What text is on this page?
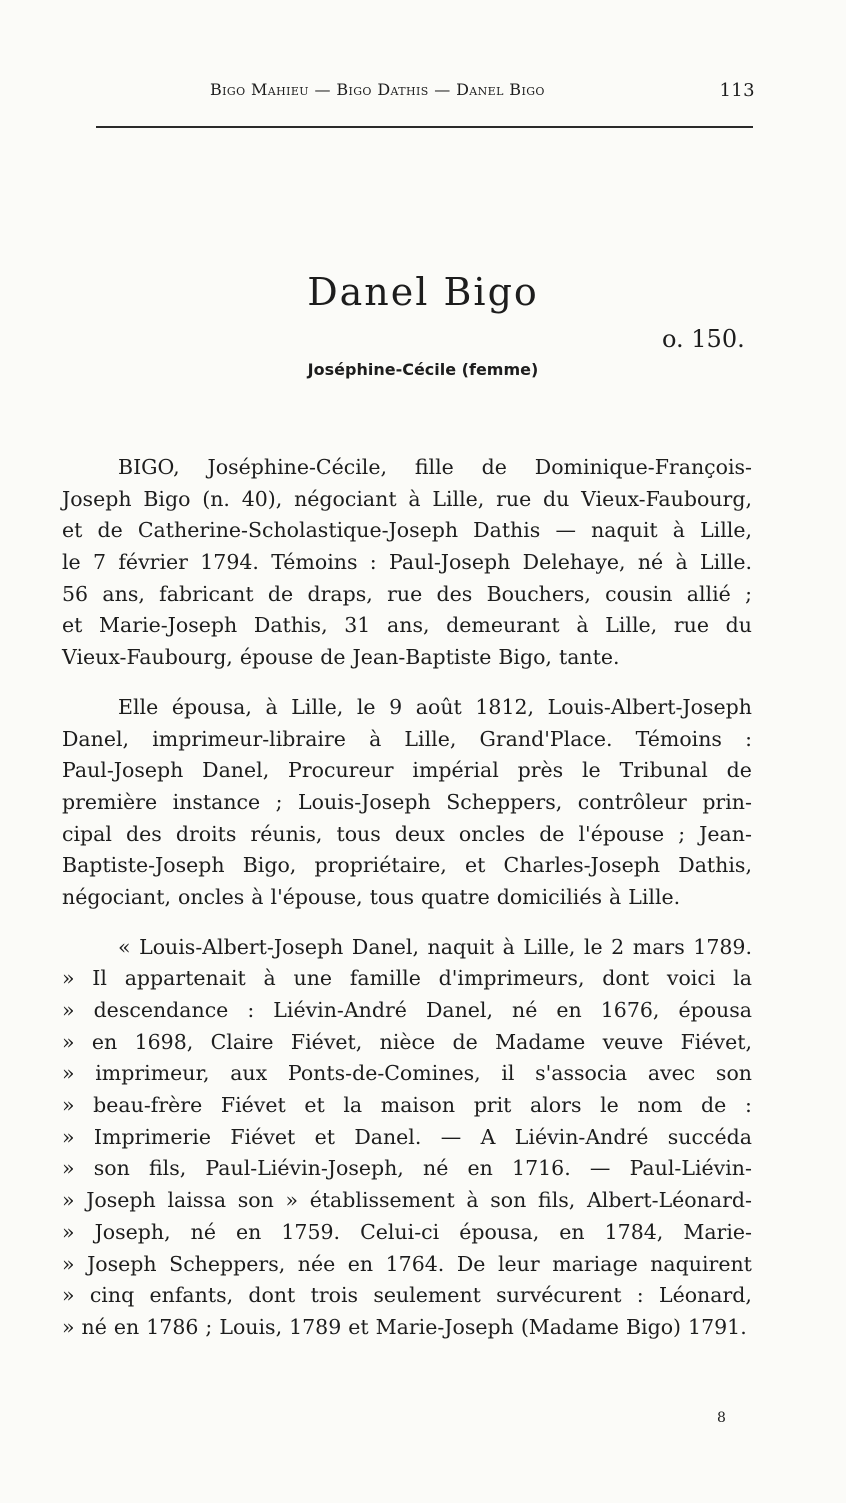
Bigo Mahieu — Bigo Dathis — Danel Bigo	113
Danel Bigo
o. 150.
Joséphine-Cécile (femme)
BIGO, Joséphine-Cécile, fille de Dominique-François-
Joseph Bigo (n. 40), négociant à Lille, rue du Vieux-Faubourg,
et de Catherine-Scholastique-Joseph Dathis — naquit à Lille,
le 7 février 1794. Témoins : Paul-Joseph Delehaye, né à Lille.
56 ans, fabricant de draps, rue des Bouchers, cousin allié ;
et Marie-Joseph Dathis, 31 ans, demeurant à Lille, rue du
Vieux-Faubourg, épouse de Jean-Baptiste Bigo, tante.
Elle épousa, à Lille, le 9 août 1812, Louis-Albert-Joseph
Danel, imprimeur-libraire à Lille, Grand'Place. Témoins :
Paul-Joseph Danel, Procureur impérial près le Tribunal de
première instance ; Louis-Joseph Scheppers, contrôleur prin-
cipal des droits réunis, tous deux oncles de l'épouse ; Jean-
Baptiste-Joseph Bigo, propriétaire, et Charles-Joseph Dathis,
négociant, oncles à l'épouse, tous quatre domiciliés à Lille.
« Louis-Albert-Joseph Danel, naquit à Lille, le 2 mars 1789.
» Il appartenait à une famille d'imprimeurs, dont voici la
» descendance : Liévin-André Danel, né en 1676, épousa
» en 1698, Claire Fiévet, nièce de Madame veuve Fiévet,
» imprimeur, aux Ponts-de-Comines, il s'associa avec son
» beau-frère Fiévet et la maison prit alors le nom de :
» Imprimerie Fiévet et Danel. — A Liévin-André succéda
» son fils, Paul-Liévin-Joseph, né en 1716. — Paul-Liévin-
» Joseph laissa son » établissement à son fils, Albert-Léonard-
» Joseph, né en 1759. Celui-ci épousa, en 1784, Marie-
» Joseph Scheppers, née en 1764. De leur mariage naquirent
» cinq enfants, dont trois seulement survécurent : Léonard,
» né en 1786 ; Louis, 1789 et Marie-Joseph (Madame Bigo) 1791.
8
